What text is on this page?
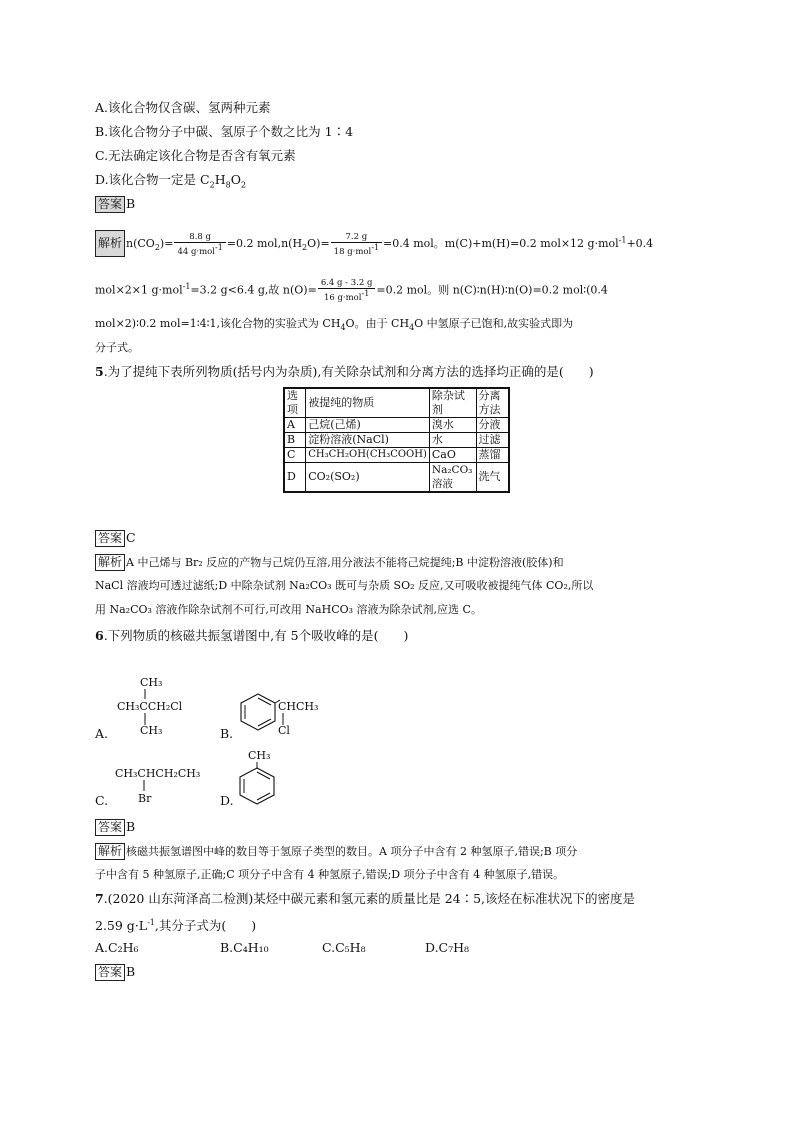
A.该化合物仅含碳、氢两种元素
B.该化合物分子中碳、氢原子个数之比为 1∶4
C.无法确定该化合物是否含有氧元素
D.该化合物一定是 $C_2H_8O_2$
答案 B
解析 $n(CO_2)= \frac{8.8 g}{44 g\cdot mol^{-1}} =0.2$ $mol,n(H_2O)= \frac{7.2 g}{18 g\cdot mol^{-1}} =0.4$ mol。m(C)+m(H)=0.2 mol×12 g·mol$^{-1}$+0.4
mol×2×1 g·mol$^{-1}$=3.2 g<6.4 g,故 $n(O)= \frac{6.4 g - 3.2 g}{16 g\cdot mol^{-1}} =0.2$ mol。则 n(C)∶n(H)∶n(O)=0.2 mol∶(0.4
mol×2)∶0.2 mol=1∶4∶1,该化合物的实验式为 $CH_4O$。由于 $CH_4O$ 中氢原子已饱和,故实验式即为
分子式。
5.为了提纯下表所列物质(括号内为杂质),有关除杂试剂和分离方法的选择均正确的是(　　)
选项	被提纯的物质	除杂试剂	分离方法
A	己烷(己烯)	溴水	分液
B	淀粉溶液(NaCl)	水	过滤
C	CH₃CH₂OH(CH₃COOH)	CaO	蒸馏
D	CO₂(SO₂)	Na₂CO₃溶液	洗气
答案 C
解析 A 中己烯与 Br₂ 反应的产物与己烷仍互溶,用分液法不能将己烷提纯;B 中淀粉溶液(胶体)和
NaCl 溶液均可透过滤纸;D 中除杂试剂 Na₂CO₃ 既可与杂质 SO₂ 反应,又可吸收被提纯气体 CO₂,所以
用 Na₂CO₃ 溶液作除杂试剂不可行,可改用 NaHCO₃ 溶液为除杂试剂,应选 C。
6.下列物质的核磁共振氢谱图中,有 5个吸收峰的是(　　)
CH₃
CH₃CCH₂Cl
CH₃
A.
CHCH₃
Cl
B.
CH₃CHCH₂CH₃
Br
C.
CH₃
D.
答案 B
解析 核磁共振氢谱图中峰的数目等于氢原子类型的数目。A 项分子中含有 2 种氢原子,错误;B 项分
子中含有 5 种氢原子,正确;C 项分子中含有 4 种氢原子,错误;D 项分子中含有 4 种氢原子,错误。
7.(2020 山东菏泽高二检测)某烃中碳元素和氢元素的质量比是 24∶5,该烃在标准状况下的密度是
2.59 $g\cdot L^{-1}$,其分子式为(　　)
A.C₂H₆	B.C₄H₁₀	C.C₅H₈	D.C₇H₈
答案 B
